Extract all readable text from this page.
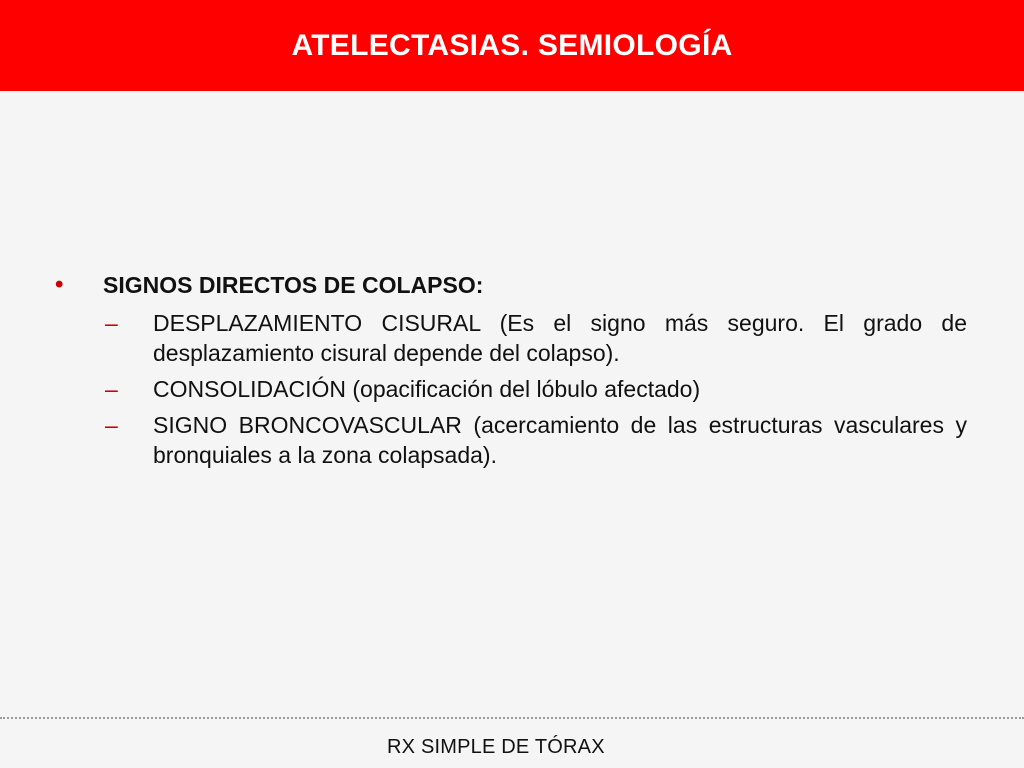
ATELECTASIAS. SEMIOLOGÍA
•	SIGNOS DIRECTOS DE COLAPSO:
–	DESPLAZAMIENTO CISURAL (Es el signo más seguro. El grado de desplazamiento cisural depende del colapso).
–	CONSOLIDACIÓN (opacificación del lóbulo afectado)
–	SIGNO BRONCOVASCULAR (acercamiento de las estructuras vasculares y bronquiales a la zona colapsada).
RX SIMPLE DE TÓRAX
